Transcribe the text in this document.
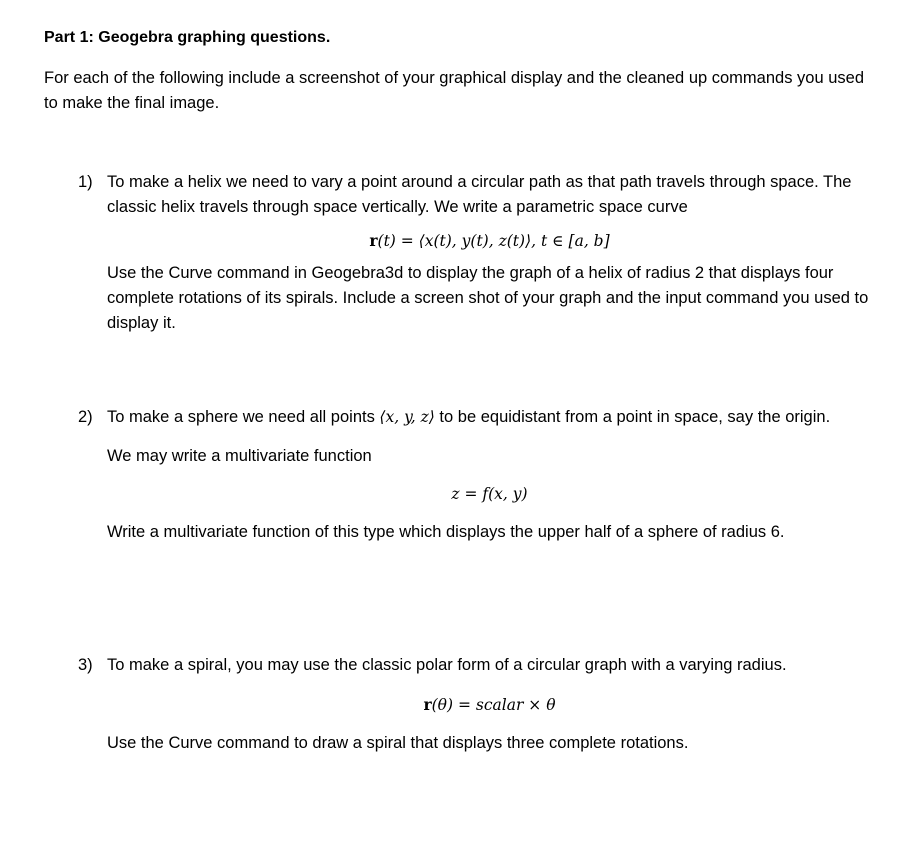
Part 1: Geogebra graphing questions.
For each of the following include a screenshot of your graphical display and the cleaned up commands you used to make the final image.
1) To make a helix we need to vary a point around a circular path as that path travels through space. The classic helix travels through space vertically. We write a parametric space curve

r(t) = ⟨x(t), y(t), z(t)⟩, t ∈ [a, b]

Use the Curve command in Geogebra3d to display the graph of a helix of radius 2 that displays four complete rotations of its spirals. Include a screen shot of your graph and the input command you used to display it.

2) To make a sphere we need all points ⟨x, y, z⟩ to be equidistant from a point in space, say the origin.

We may write a multivariate function

z = f(x, y)

Write a multivariate function of this type which displays the upper half of a sphere of radius 6.

3) To make a spiral, you may use the classic polar form of a circular graph with a varying radius.

r(θ) = scalar × θ

Use the Curve command to draw a spiral that displays three complete rotations.
